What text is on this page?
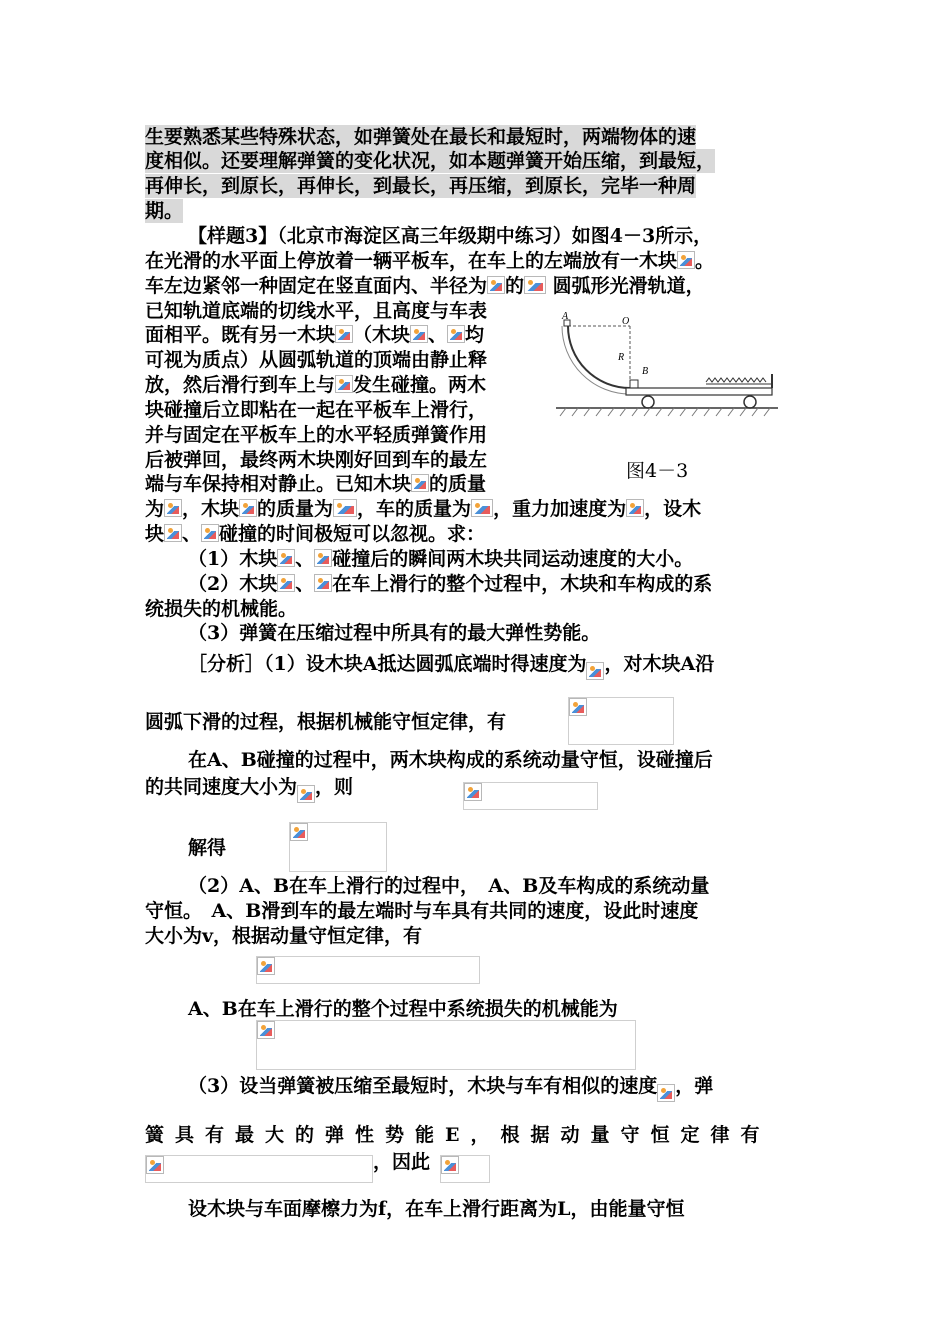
生要熟悉某些特殊状态，如弹簧处在最长和最短时，两端物体的速
度相似。还要理解弹簧的变化状况，如本题弹簧开始压缩，到最短，
再伸长，到原长，再伸长，到最长，再压缩，到原长，完毕一种周
期。
【样题3】（北京市海淀区高三年级期中练习）如图4－3所示，
在光滑的水平面上停放着一辆平板车，在车上的左端放有一木块 。
车左边紧邻一种固定在竖直面内、半径为 的 圆弧形光滑轨道，
已知轨道底端的切线水平，且高度与车表
面相平。既有另一木块 （木块 、 均
可视为质点）从圆弧轨道的顶端由静止释
放，然后滑行到车上与 发生碰撞。两木
块碰撞后立即粘在一起在平板车上滑行，
并与固定在平板车上的水平轻质弹簧作用
后被弹回，最终两木块刚好回到车的最左
端与车保持相对静止。已知木块 的质量
为 ，木块 的质量为 ，车的质量为 ，重力加速度为 ，设木
块 、 碰撞的时间极短可以忽视。求：
（1）木块 、 碰撞后的瞬间两木块共同运动速度的大小。
（2）木块 、 在车上滑行的整个过程中，木块和车构成的系
统损失的机械能。
（3）弹簧在压缩过程中所具有的最大弹性势能。
A	O
R
B
图4－3
［分析］（1）设木块A抵达圆弧底端时得速度为 ，对木块A沿
圆弧下滑的过程，根据机械能守恒定律，有
在A、B碰撞的过程中，两木块构成的系统动量守恒，设碰撞后
的共同速度大小为 ，则
解得
（2）A、B在车上滑行的过程中，　A、B及车构成的系统动量
守恒。　A、B滑到车的最左端时与车具有共同的速度，设此时速度
大小为v，根据动量守恒定律，有
A、B在车上滑行的整个过程中系统损失的机械能为
（3）设当弹簧被压缩至最短时，木块与车有相似的速度 ，弹
簧具有最大的弹性势能E，根据动量守恒定律有
，因此
设木块与车面摩檫力为f，在车上滑行距离为L，由能量守恒
